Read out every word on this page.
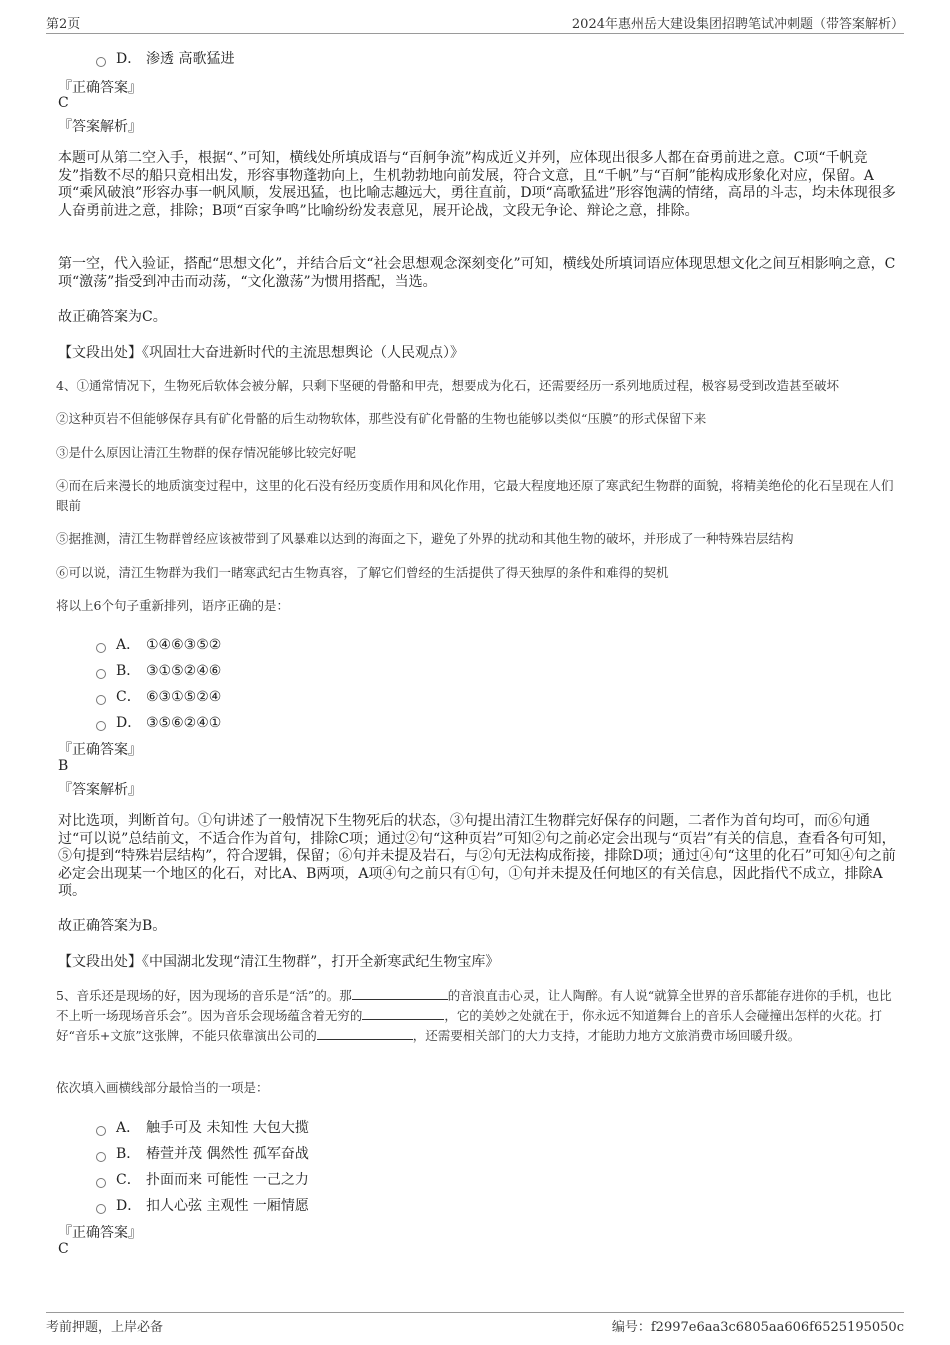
第2页	2024年惠州岳大建设集团招聘笔试冲刺题（带答案解析）
D． 渗透 高歌猛进
『正确答案』
C
『答案解析』
本题可从第二空入手，根据“、”可知，横线处所填成语与“百舸争流”构成近义并列，应体现出很多人都在奋勇前进之意。C项“千帆竞发”指数不尽的船只竟相出发，形容事物蓬勃向上，生机勃勃地向前发展，符合文意，且“千帆”与“百舸”能构成形象化对应，保留。A项“乘风破浪”形容办事一帆风顺，发展迅猛，也比喻志趣远大，勇往直前，D项“高歌猛进”形容饱满的情绪，高昂的斗志，均未体现很多人奋勇前进之意，排除；B项“百家争鸣”比喻纷纷发表意见，展开论战，文段无争论、辩论之意，排除。
第一空，代入验证，搭配“思想文化”，并结合后文“社会思想观念深刻变化”可知，横线处所填词语应体现思想文化之间互相影响之意，C项“激荡”指受到冲击而动荡，“文化激荡”为惯用搭配，当选。
故正确答案为C。
【文段出处】《巩固壮大奋进新时代的主流思想舆论（人民观点）》
4、①通常情况下，生物死后软体会被分解，只剩下坚硬的骨骼和甲壳，想要成为化石，还需要经历一系列地质过程，极容易受到改造甚至破坏
②这种页岩不但能够保存具有矿化骨骼的后生动物软体，那些没有矿化骨骼的生物也能够以类似“压膜”的形式保留下来
③是什么原因让清江生物群的保存情况能够比较完好呢
④而在后来漫长的地质演变过程中，这里的化石没有经历变质作用和风化作用，它最大程度地还原了寒武纪生物群的面貌，将精美绝伦的化石呈现在人们眼前
⑤据推测，清江生物群曾经应该被带到了风暴难以达到的海面之下，避免了外界的扰动和其他生物的破坏，并形成了一种特殊岩层结构
⑥可以说，清江生物群为我们一睹寒武纪古生物真容，了解它们曾经的生活提供了得天独厚的条件和难得的契机
将以上6个句子重新排列，语序正确的是：
A． ①④⑥③⑤②
B． ③①⑤②④⑥
C． ⑥③①⑤②④
D． ③⑤⑥②④①
『正确答案』
B
『答案解析』
对比选项，判断首句。①句讲述了一般情况下生物死后的状态，③句提出清江生物群完好保存的问题，二者作为首句均可，而⑥句通过“可以说”总结前文，不适合作为首句，排除C项；通过②句“这种页岩”可知②句之前必定会出现与“页岩”有关的信息，查看各句可知，⑤句提到“特殊岩层结构”，符合逻辑，保留；⑥句并未提及岩石，与②句无法构成衔接，排除D项；通过④句“这里的化石”可知④句之前必定会出现某一个地区的化石，对比A、B两项，A项④句之前只有①句，①句并未提及任何地区的有关信息，因此指代不成立，排除A项。
故正确答案为B。
【文段出处】《中国湖北发现“清江生物群”，打开全新寒武纪生物宝库》
5、音乐还是现场的好，因为现场的音乐是“活”的。那	的音浪直击心灵，让人陶醉。有人说“就算全世界的音乐都能存进你的手机，也比不上听一场现场音乐会”。因为音乐会现场蕴含着无穷的	，它的美妙之处就在于，你永远不知道舞台上的音乐人会碰撞出怎样的火花。打好“音乐+文旅”这张牌，不能只依靠演出公司的	，还需要相关部门的大力支持，才能助力地方文旅消费市场回暖升级。
依次填入画横线部分最恰当的一项是：
A． 触手可及 未知性 大包大揽
B． 椿萱并茂 偶然性 孤军奋战
C． 扑面而来 可能性 一己之力
D． 扣人心弦 主观性 一厢情愿
『正确答案』
C
考前押题，上岸必备	编号：f2997e6aa3c6805aa606f6525195050c
